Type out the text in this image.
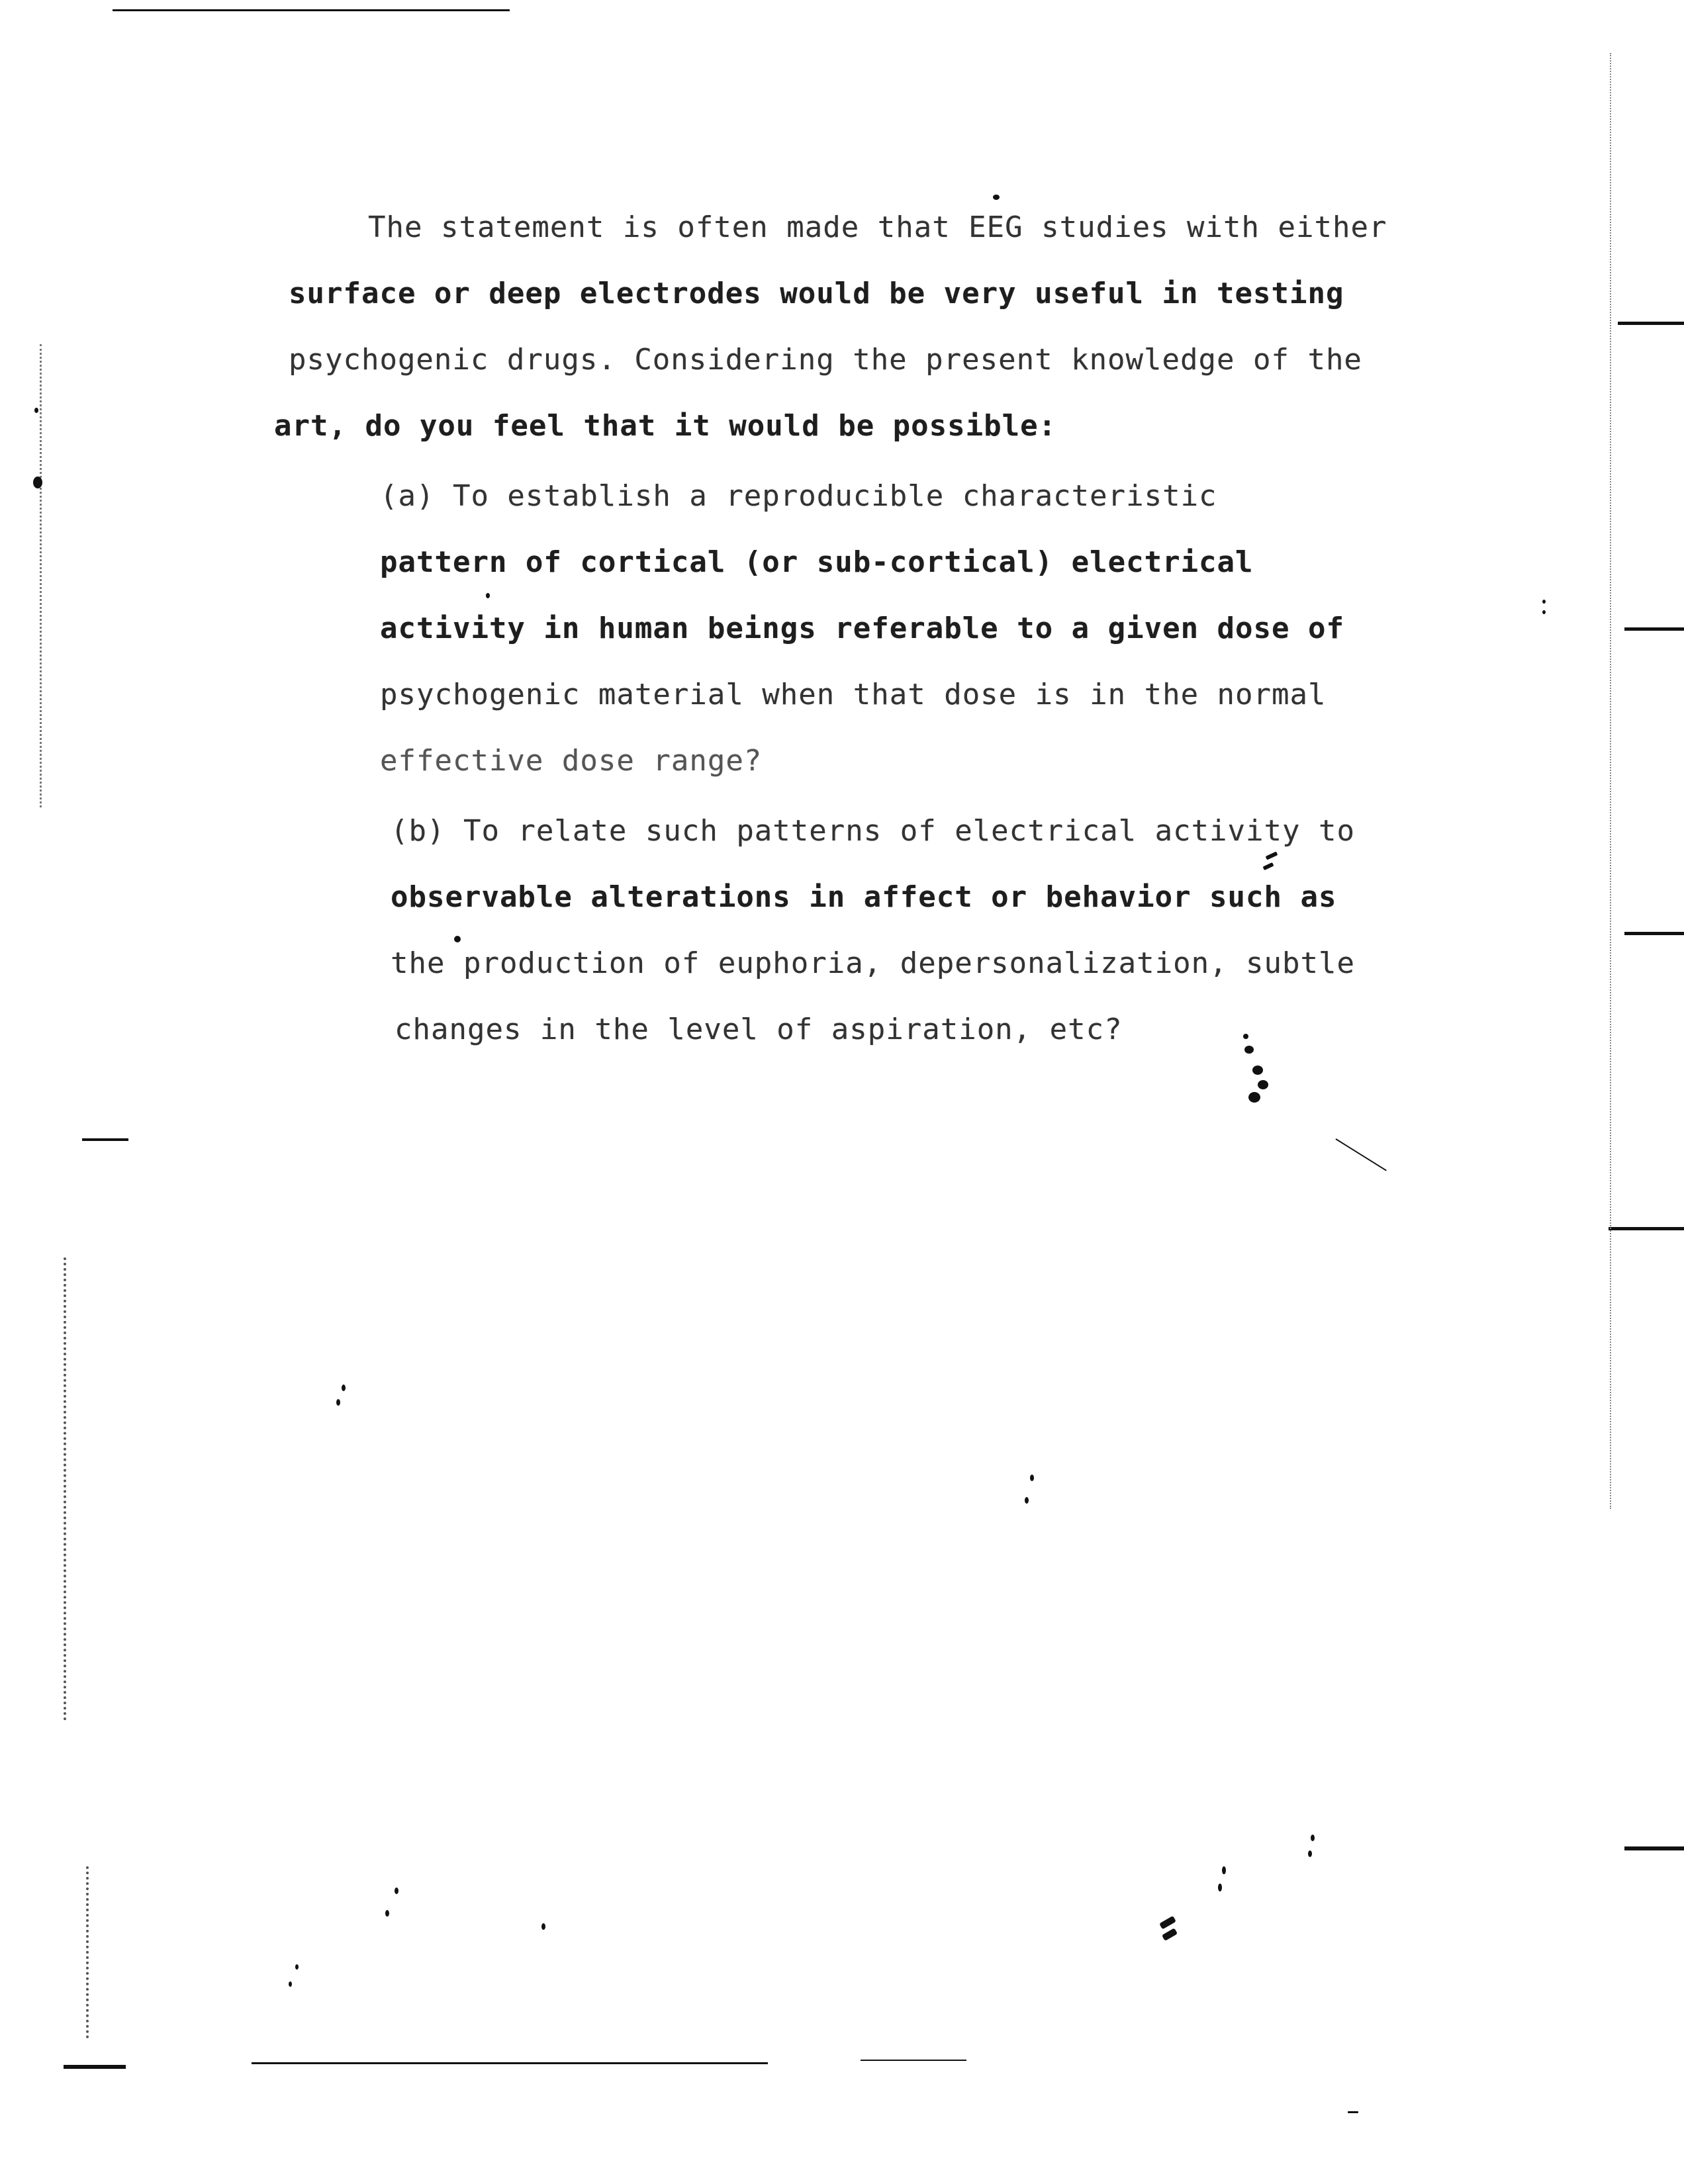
The statement is often made that EEG studies with either
surface or deep electrodes would be very useful in testing
psychogenic drugs. Considering the present knowledge of the
art, do you feel that it would be possible:
(a) To establish a reproducible characteristic
pattern of cortical (or sub-cortical) electrical
activity in human beings referable to a given dose of
psychogenic material when that dose is in the normal
effective dose range?
(b) To relate such patterns of electrical activity to
observable alterations in affect or behavior such as
the production of euphoria, depersonalization, subtle
changes in the level of aspiration, etc?
